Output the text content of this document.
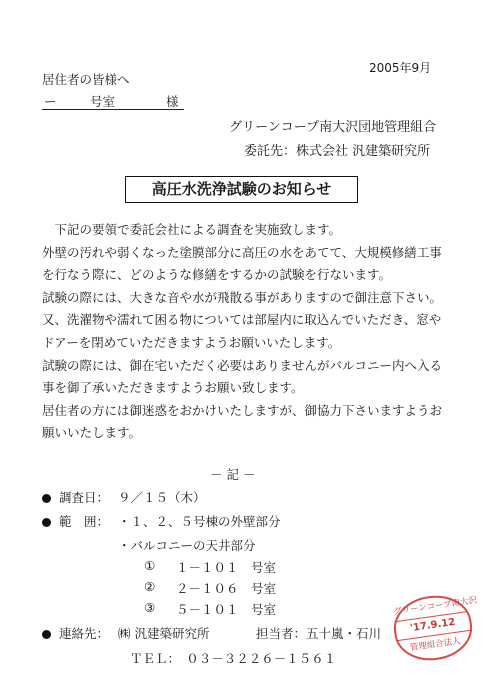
2005年9月
居住者の皆様へ
ー	号室	様
グリーンコープ南大沢団地管理組合
委託先：株式会社 汎建築研究所
高圧水洗浄試験のお知らせ

　下記の要領で委託会社による調査を実施致します。

外壁の汚れや弱くなった塗膜部分に高圧の水をあてて、大規模修繕工事

を行なう際に、どのような修繕をするかの試験を行ないます。

試験の際には、大きな音や水が飛散る事がありますので御注意下さい。

又、洗濯物や濡れて困る物については部屋内に取込んでいただき、窓や

ドアーを閉めていただきますようお願いいたします。

試験の際には、御在宅いただく必要はありませんがバルコニー内へ入る

事を御了承いただきますようお願い致します。

居住者の方には御迷惑をおかけいたしますが、御協力下さいますようお

願いいたします。

－ 記 －
調査日： ９／１５（木）
範　囲： ・１、２、５号棟の外壁部分
・バルコニーの天井部分
① １－１０１　号室
② ２－１０６　号室
③ ５－１０１　号室
連絡先： ㈱ 汎建築研究所	担当者：五十嵐・石川
ＴＥＬ：　０３－３２２６－１５６１
グリーンコープ南大沢
'17.9.12
管理組合法人
